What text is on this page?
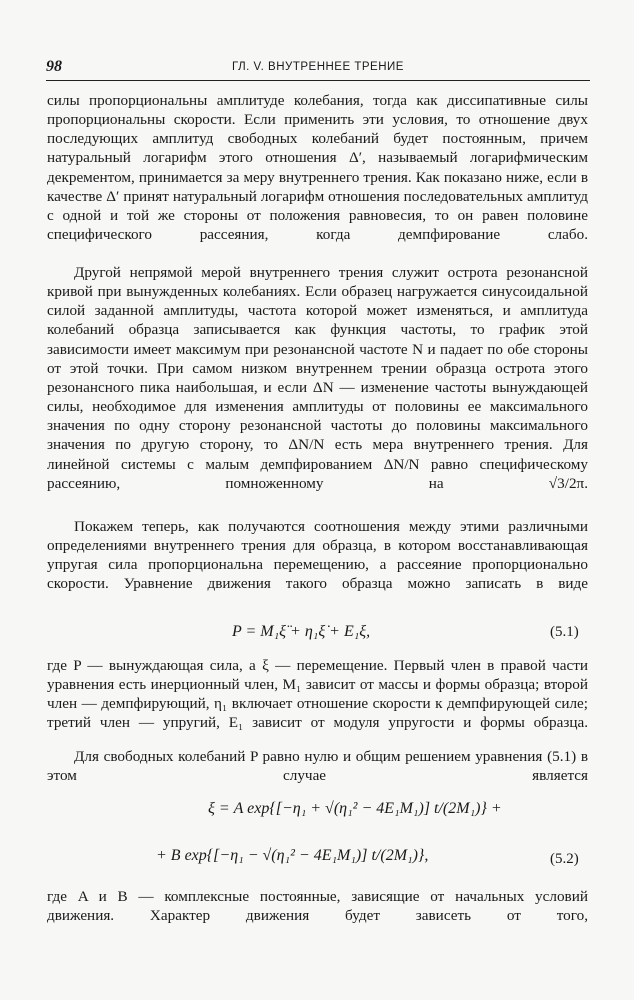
98	ГЛ. V. ВНУТРЕННЕЕ ТРЕНИЕ

силы пропорциональны амплитуде колебания, тогда как диссипативные силы пропорциональны скорости. Если применить эти условия, то отношение двух последующих амплитуд свободных колебаний будет постоянным, причем натуральный логарифм этого отношения Δ′, называемый логарифмическим декрементом, принимается за меру внутреннего трения. Как показано ниже, если в качестве Δ′ принят натуральный логарифм отношения последовательных амплитуд с одной и той же стороны от положения равновесия, то он равен половине специфического рассеяния, когда демпфирование слабо.

Другой непрямой мерой внутреннего трения служит острота резонансной кривой при вынужденных колебаниях. Если образец нагружается синусоидальной силой заданной амплитуды, частота которой может изменяться, и амплитуда колебаний образца записывается как функция частоты, то график этой зависимости имеет максимум при резонансной частоте N и падает по обе стороны от этой точки. При самом низком внутреннем трении образца острота этого резонансного пика наибольшая, и если ΔN — изменение частоты вынуждающей силы, необходимое для изменения амплитуды от половины ее максимального значения по одну сторону резонансной частоты до половины максимального значения по другую сторону, то ΔN/N есть мера внутреннего трения. Для линейной системы с малым демпфированием ΔN/N равно специфическому рассеянию, помноженному на √3/2π.

Покажем теперь, как получаются соотношения между этими различными определениями внутреннего трения для образца, в котором восстанавливающая упругая сила пропорциональна перемещению, а рассеяние пропорционально скорости. Уравнение движения такого образца можно записать в виде

P = M₁ξ̈ + η₁ξ̇ + E₁ξ,	(5.1)

где P — вынуждающая сила, а ξ — перемещение. Первый член в правой части уравнения есть инерционный член, M₁ зависит от массы и формы образца; второй член — демпфирующий, η₁ включает отношение скорости к демпфирующей силе; третий член — упругий, E₁ зависит от модуля упругости и формы образца.

Для свободных колебаний P равно нулю и общим решением уравнения (5.1) в этом случае является

ξ = A exp{[−η₁ + √(η₁² − 4E₁M₁)] t/(2M₁)} +
+ B exp{[−η₁ − √(η₁² − 4E₁M₁)] t/(2M₁)},	(5.2)

где A и B — комплексные постоянные, зависящие от начальных условий движения. Характер движения будет зависеть от того,
